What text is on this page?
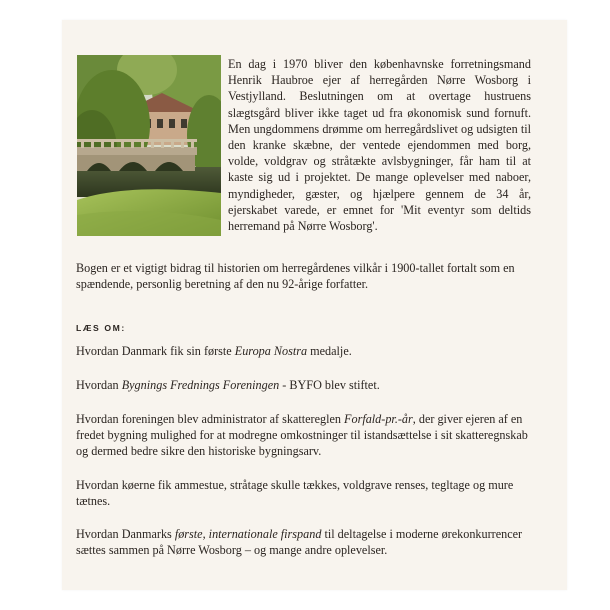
En dag i 1970 bliver den københavnske forretningsmand Henrik Haubroe ejer af herregården Nørre Wosborg i Vestjylland. Beslutningen om at overtage hustruens slægtsgård bliver ikke taget ud fra økonomisk sund fornuft. Men ungdommens drømme om herregårdslivet og udsigten til den kranke skæbne, der ventede ejendommen med borg, volde, voldgrav og stråtækte avlsbygninger, får ham til at kaste sig ud i projektet. De mange oplevelser med naboer, myndigheder, gæster, og hjælpere gennem de 34 år, ejerskabet varede, er emnet for 'Mit eventyr som deltids herremand på Nørre Wosborg'.

Bogen er et vigtigt bidrag til historien om herregårdenes vilkår i 1900-tallet fortalt som en spændende, personlig beretning af den nu 92-årige forfatter.

LÆS OM:

Hvordan Danmark fik sin første Europa Nostra medalje.

Hvordan Bygnings Frednings Foreningen - BYFO blev stiftet.

Hvordan foreningen blev administrator af skattereglen Forfald-pr.-år, der giver ejeren af en fredet bygning mulighed for at modregne omkostninger til istandsættelse i sit skatteregnskab og dermed bedre sikre den historiske bygningsarv.

Hvordan køerne fik ammestue, stråtage skulle tækkes, voldgrave renses, tegltage og mure tætnes.

Hvordan Danmarks første, internationale firspand til deltagelse i moderne ørekonkurrencer sættes sammen på Nørre Wosborg – og mange andre oplevelser.
